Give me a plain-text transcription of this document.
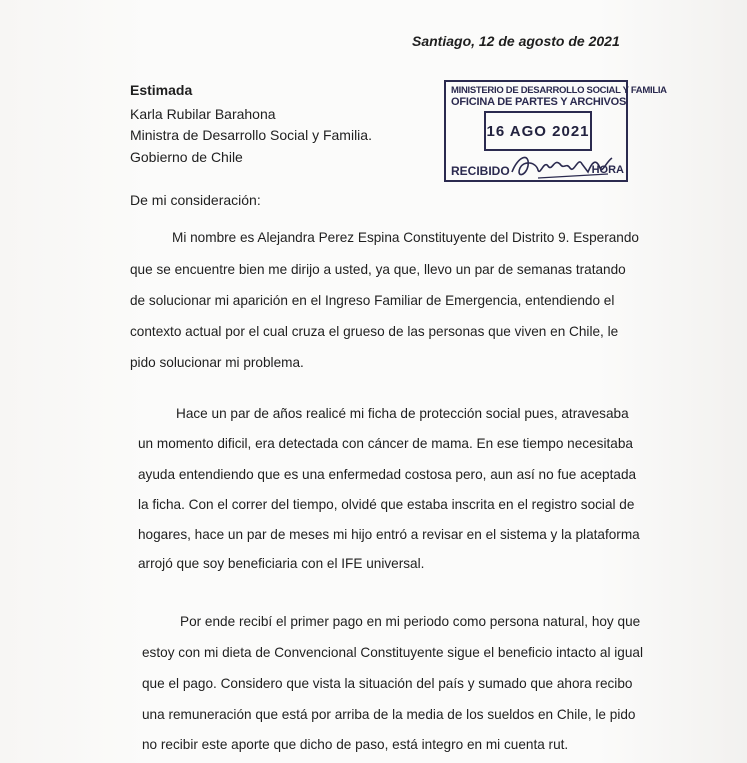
Santiago, 12 de agosto de 2021
Estimada
Karla Rubilar Barahona
Ministra de Desarrollo Social y Familia.
Gobierno de Chile
De mi consideración:
MINISTERIO DE DESARROLLO SOCIAL Y FAMILIA
OFICINA DE PARTES Y ARCHIVOS
16 AGO 2021
RECIBIDO	HORA
Mi nombre es Alejandra Perez Espina Constituyente del Distrito 9. Esperando
que se encuentre bien me dirijo a usted, ya que, llevo un par de semanas tratando
de solucionar mi aparición en el Ingreso Familiar de Emergencia, entendiendo el
contexto actual por el cual cruza el grueso de las personas que viven en Chile, le
pido solucionar mi problema.
Hace un par de años realicé mi ficha de protección social pues, atravesaba
un momento dificil, era detectada con cáncer de mama. En ese tiempo necesitaba
ayuda entendiendo que es una enfermedad costosa pero, aun así no fue aceptada
la ficha. Con el correr del tiempo, olvidé que estaba inscrita en el registro social de
hogares, hace un par de meses mi hijo entró a revisar en el sistema y la plataforma
arrojó que soy beneficiaria con el IFE universal.
Por ende recibí el primer pago en mi periodo como persona natural, hoy que
estoy con mi dieta de Convencional Constituyente sigue el beneficio intacto al igual
que el pago. Considero que vista la situación del país y sumado que ahora recibo
una remuneración que está por arriba de la media de los sueldos en Chile, le pido
no recibir este aporte que dicho de paso, está integro en mi cuenta rut.
